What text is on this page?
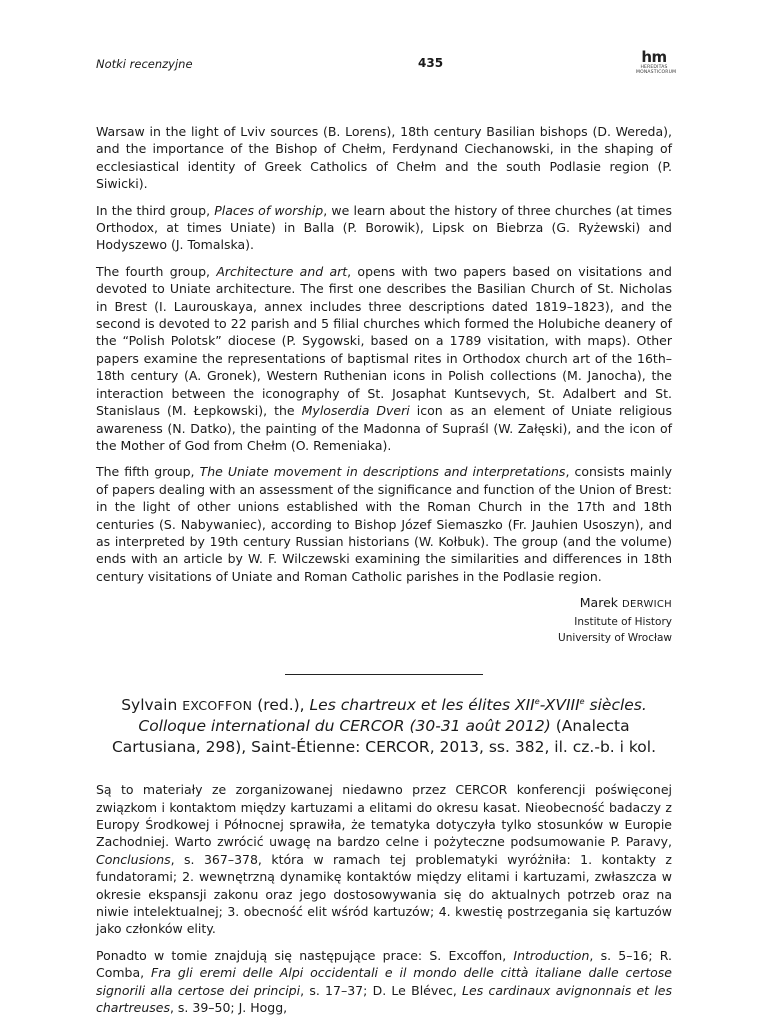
Notki recenzyjne	435	hm
HEREDITAS
MONASTICORUM

Warsaw in the light of Lviv sources (B. Lorens), 18th century Basilian bishops (D. Wereda), and the importance of the Bishop of Chełm, Ferdynand Ciechanowski, in the shaping of ecclesiastical identity of Greek Catholics of Chełm and the south Podlasie region (P. Siwicki).

In the third group, Places of worship, we learn about the history of three churches (at times Orthodox, at times Uniate) in Balla (P. Borowik), Lipsk on Biebrza (G. Ryżewski) and Hodyszewo (J. Tomalska).

The fourth group, Architecture and art, opens with two papers based on visitations and devoted to Uniate architecture. The first one describes the Basilian Church of St. Nicholas in Brest (I. Laurouskaya, annex includes three descriptions dated 1819–1823), and the second is devoted to 22 parish and 5 filial churches which formed the Holubiche deanery of the “Polish Polotsk” diocese (P. Sygowski, based on a 1789 visitation, with maps). Other papers examine the representations of baptismal rites in Orthodox church art of the 16th–18th century (A. Gronek), Western Ruthenian icons in Polish collections (M. Janocha), the interaction between the iconography of St. Josaphat Kuntsevych, St. Adalbert and St. Stanislaus (M. Łepkowski), the Myloserdia Dveri icon as an element of Uniate religious awareness (N. Datko), the painting of the Madonna of Supraśl (W. Załęski), and the icon of the Mother of God from Chełm (O. Remeniaka).

The fifth group, The Uniate movement in descriptions and interpretations, consists mainly of papers dealing with an assessment of the significance and function of the Union of Brest: in the light of other unions established with the Roman Church in the 17th and 18th centuries (S. Nabywaniec), according to Bishop Józef Siemaszko (Fr. Jauhien Usoszyn), and as interpreted by 19th century Russian historians (W. Kołbuk). The group (and the volume) ends with an article by W. F. Wilczewski examining the similarities and differences in 18th century visitations of Uniate and Roman Catholic parishes in the Podlasie region.

Marek DERWICH
Institute of History
University of Wrocław
Sylvain EXCOFFON (red.), Les chartreux et les élites XIIe-XVIIIe siècles. Colloque international du CERCOR (30-31 août 2012) (Analecta Cartusiana, 298), Saint-Étienne: CERCOR, 2013, ss. 382, il. cz.-b. i kol.

Są to materiały ze zorganizowanej niedawno przez CERCOR konferencji poświęconej związkom i kontaktom między kartuzami a elitami do okresu kasat. Nieobecność badaczy z Europy Środkowej i Północnej sprawiła, że tematyka dotyczyła tylko stosunków w Europie Zachodniej. Warto zwrócić uwagę na bardzo celne i pożyteczne podsumowanie P. Paravy, Conclusions, s. 367–378, która w ramach tej problematyki wyróżniła: 1. kontakty z fundatorami; 2. wewnętrzną dynamikę kontaktów między elitami i kartuzami, zwłaszcza w okresie ekspansji zakonu oraz jego dostosowywania się do aktualnych potrzeb oraz na niwie intelektualnej; 3. obecność elit wśród kartuzów; 4. kwestię postrzegania się kartuzów jako członków elity.

Ponadto w tomie znajdują się następujące prace: S. Excoffon, Introduction, s. 5–16; R. Comba, Fra gli eremi delle Alpi occidentali e il mondo delle città italiane dalle certose signorili alla certose dei principi, s. 17–37; D. Le Blévec, Les cardinaux avignonnais et les chartreuses, s. 39–50; J. Hogg,
